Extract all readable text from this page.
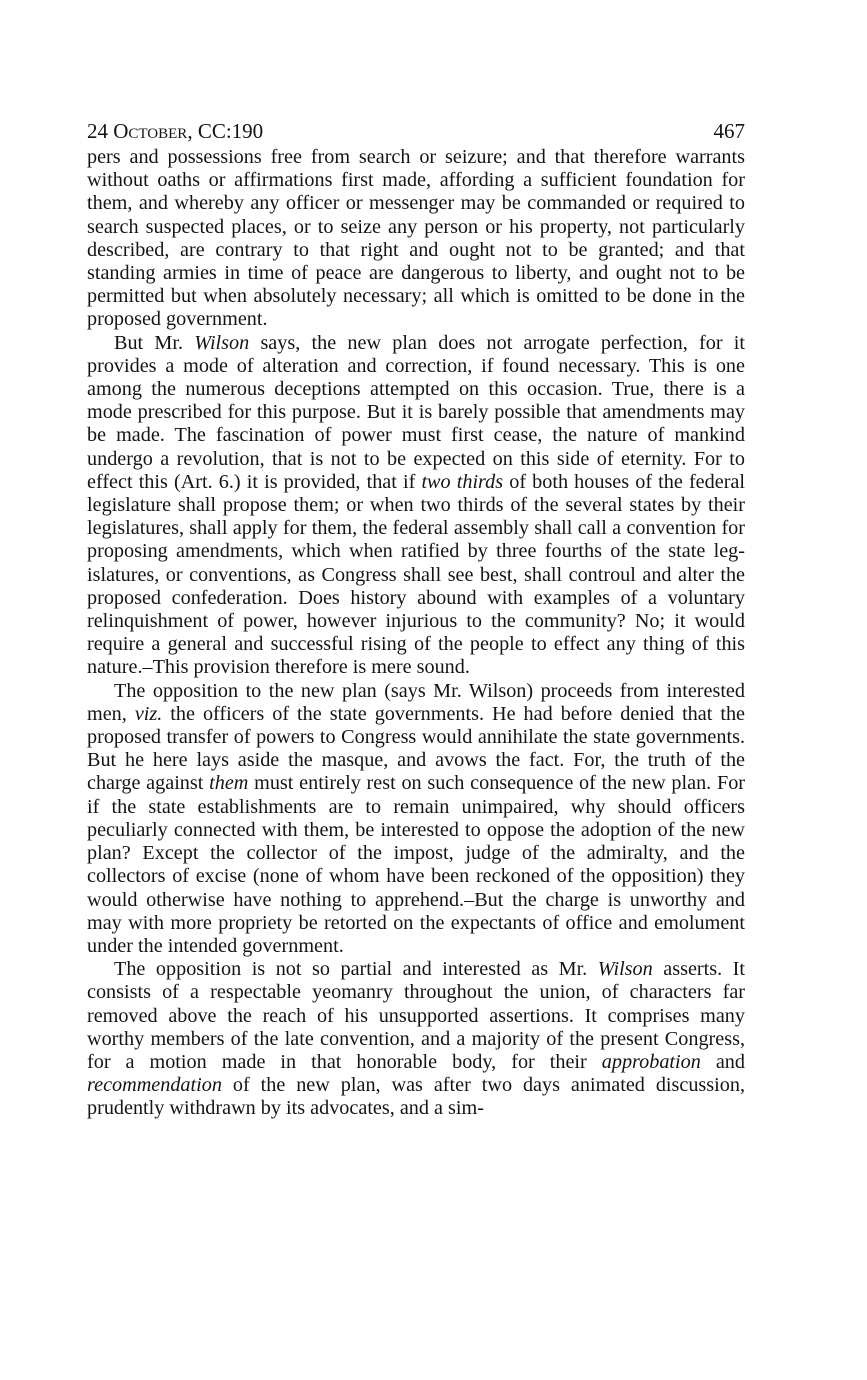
24 October, CC:190	467

pers and possessions free from search or seizure; and that therefore warrants without oaths or affirmations first made, affording a sufficient foundation for them, and whereby any officer or messenger may be commanded or required to search suspected places, or to seize any person or his property, not particularly described, are contrary to that right and ought not to be granted; and that standing armies in time of peace are dangerous to liberty, and ought not to be permitted but when absolutely necessary; all which is omitted to be done in the proposed government.

But Mr. Wilson says, the new plan does not arrogate perfection, for it provides a mode of alteration and correction, if found necessary. This is one among the numerous deceptions attempted on this occasion. True, there is a mode prescribed for this purpose. But it is barely possible that amendments may be made. The fascination of power must first cease, the nature of mankind undergo a revolution, that is not to be expected on this side of eternity. For to effect this (Art. 6.) it is provided, that if two thirds of both houses of the federal legislature shall propose them; or when two thirds of the several states by their legislatures, shall apply for them, the federal assembly shall call a convention for proposing amendments, which when ratified by three fourths of the state legislatures, or conventions, as Congress shall see best, shall controul and alter the proposed confederation. Does history abound with examples of a voluntary relinquishment of power, however injurious to the community? No; it would require a general and successful rising of the people to effect any thing of this nature.–This provision therefore is mere sound.

The opposition to the new plan (says Mr. Wilson) proceeds from interested men, viz. the officers of the state governments. He had before denied that the proposed transfer of powers to Congress would annihilate the state governments. But he here lays aside the masque, and avows the fact. For, the truth of the charge against them must entirely rest on such consequence of the new plan. For if the state establishments are to remain unimpaired, why should officers peculiarly connected with them, be interested to oppose the adoption of the new plan? Except the collector of the impost, judge of the admiralty, and the collectors of excise (none of whom have been reckoned of the opposition) they would otherwise have nothing to apprehend.–But the charge is unworthy and may with more propriety be retorted on the expectants of office and emolument under the intended government.

The opposition is not so partial and interested as Mr. Wilson asserts. It consists of a respectable yeomanry throughout the union, of characters far removed above the reach of his unsupported assertions. It comprises many worthy members of the late convention, and a majority of the present Congress, for a motion made in that honorable body, for their approbation and recommendation of the new plan, was after two days animated discussion, prudently withdrawn by its advocates, and a sim-
